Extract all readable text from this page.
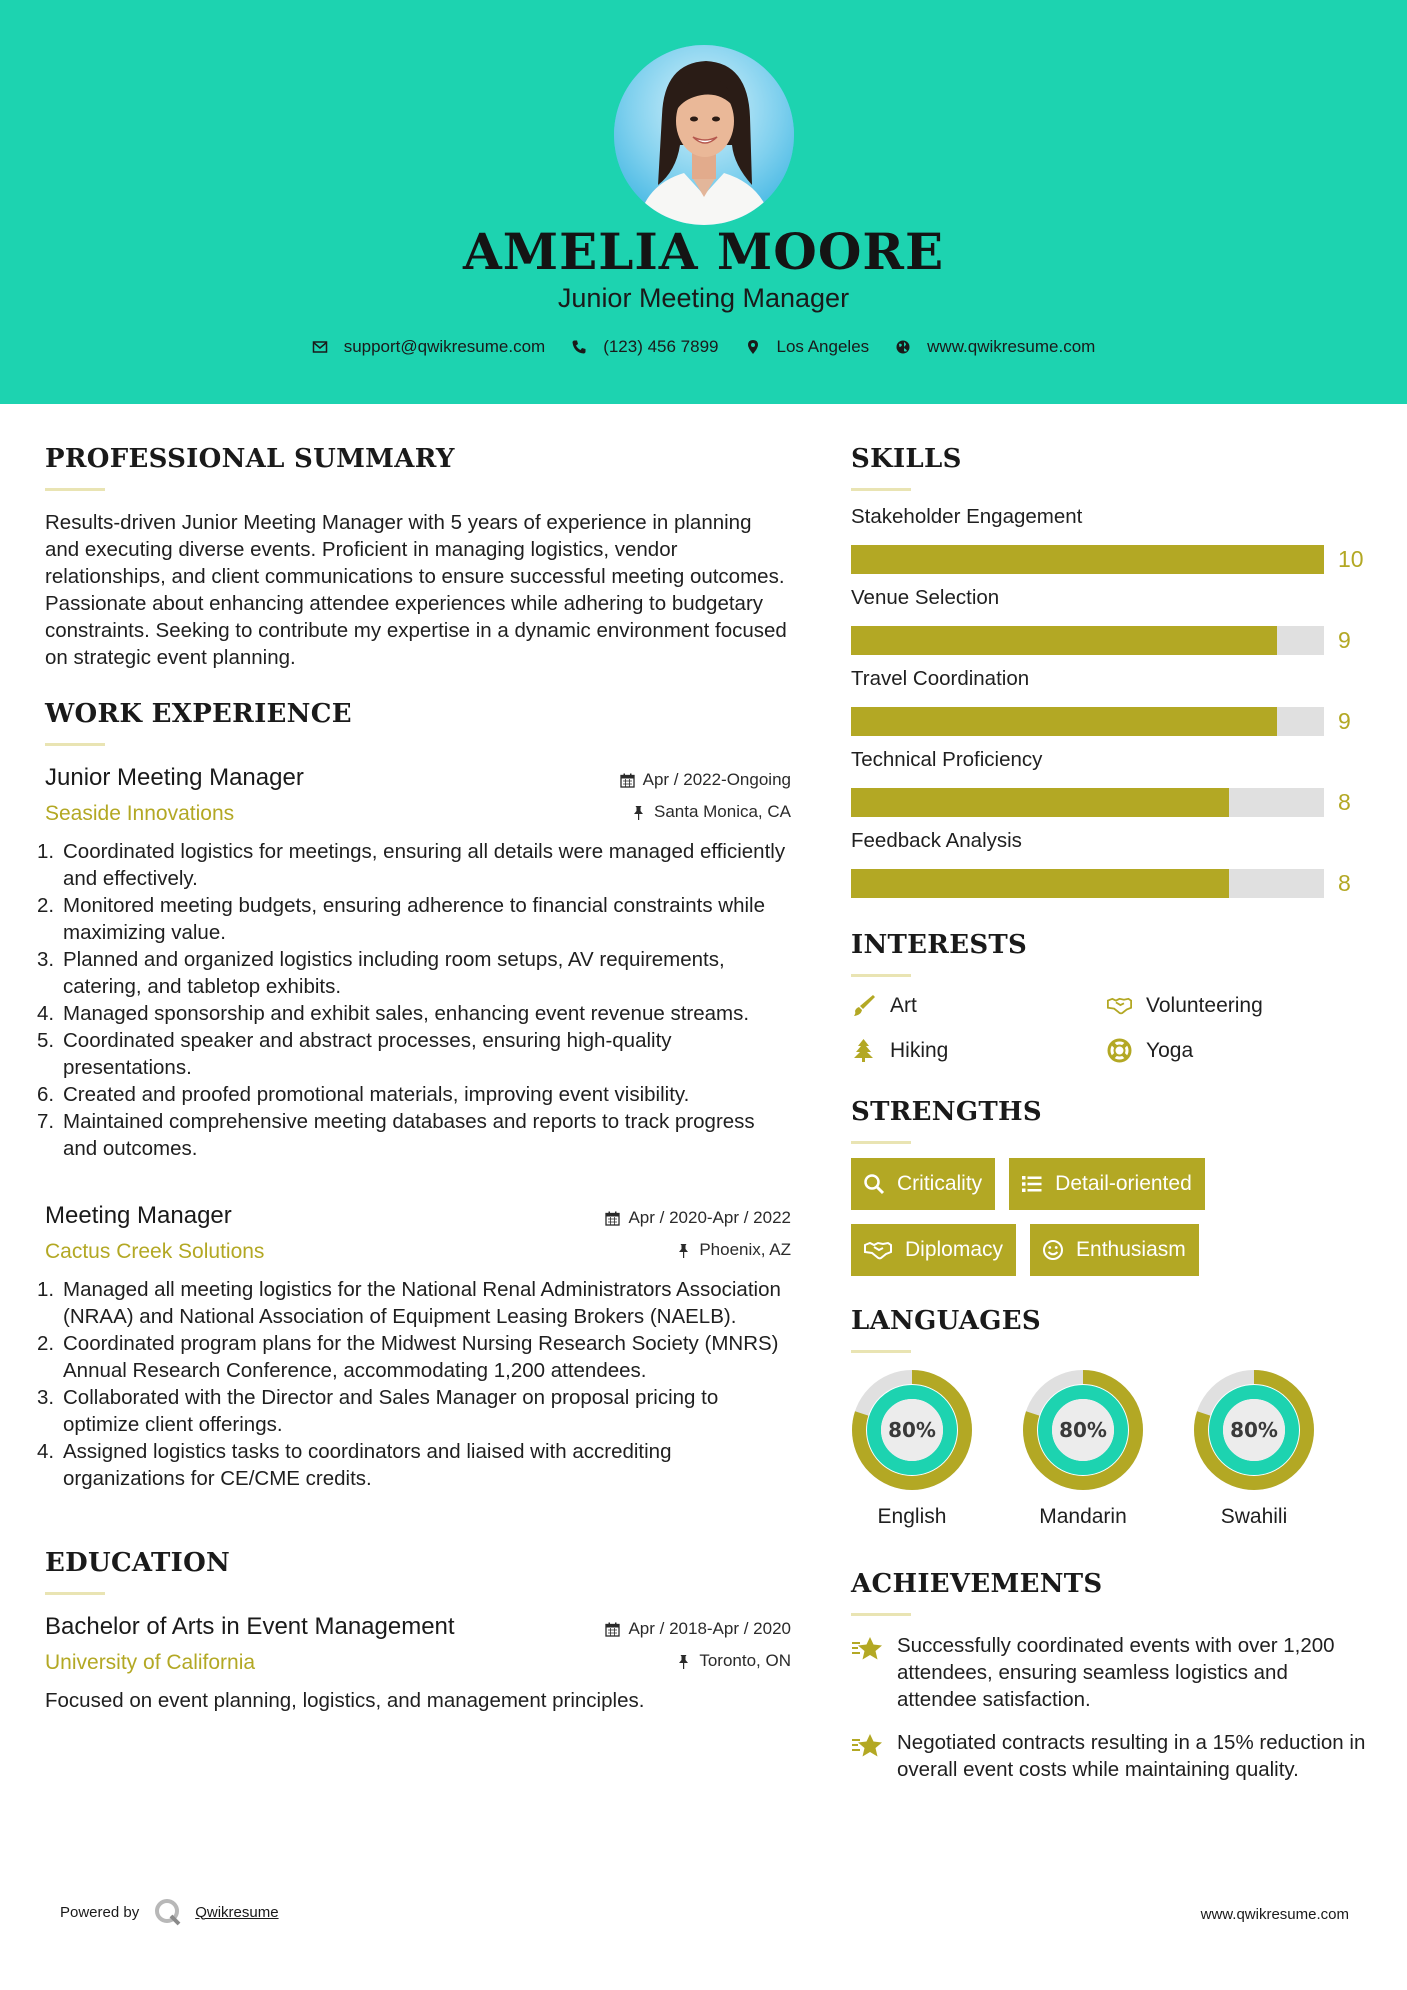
AMELIA MOORE
Junior Meeting Manager
support@qwikresume.com	(123) 456 7899	Los Angeles	www.qwikresume.com
PROFESSIONAL SUMMARY
Results-driven Junior Meeting Manager with 5 years of experience in planning and executing diverse events. Proficient in managing logistics, vendor relationships, and client communications to ensure successful meeting outcomes. Passionate about enhancing attendee experiences while adhering to budgetary constraints. Seeking to contribute my expertise in a dynamic environment focused on strategic event planning.
WORK EXPERIENCE
Junior Meeting Manager
Seaside Innovations
Apr / 2022-Ongoing
Santa Monica, CA
1. Coordinated logistics for meetings, ensuring all details were managed efficiently and effectively.
2. Monitored meeting budgets, ensuring adherence to financial constraints while maximizing value.
3. Planned and organized logistics including room setups, AV requirements, catering, and tabletop exhibits.
4. Managed sponsorship and exhibit sales, enhancing event revenue streams.
5. Coordinated speaker and abstract processes, ensuring high-quality presentations.
6. Created and proofed promotional materials, improving event visibility.
7. Maintained comprehensive meeting databases and reports to track progress and outcomes.
Meeting Manager
Cactus Creek Solutions
Apr / 2020-Apr / 2022
Phoenix, AZ
1. Managed all meeting logistics for the National Renal Administrators Association (NRAA) and National Association of Equipment Leasing Brokers (NAELB).
2. Coordinated program plans for the Midwest Nursing Research Society (MNRS) Annual Research Conference, accommodating 1,200 attendees.
3. Collaborated with the Director and Sales Manager on proposal pricing to optimize client offerings.
4. Assigned logistics tasks to coordinators and liaised with accrediting organizations for CE/CME credits.
EDUCATION
Bachelor of Arts in Event Management
University of California
Apr / 2018-Apr / 2020
Toronto, ON
Focused on event planning, logistics, and management principles.
SKILLS
Stakeholder Engagement
10
Venue Selection
9
Travel Coordination
9
Technical Proficiency
8
Feedback Analysis
8
INTERESTS
Art	Volunteering
Hiking	Yoga
STRENGTHS
Criticality	Detail-oriented
Diplomacy	Enthusiasm
LANGUAGES
80%
English
80%
Mandarin
80%
Swahili
ACHIEVEMENTS
Successfully coordinated events with over 1,200 attendees, ensuring seamless logistics and attendee satisfaction.
Negotiated contracts resulting in a 15% reduction in overall event costs while maintaining quality.
Powered by	Qwikresume	www.qwikresume.com
